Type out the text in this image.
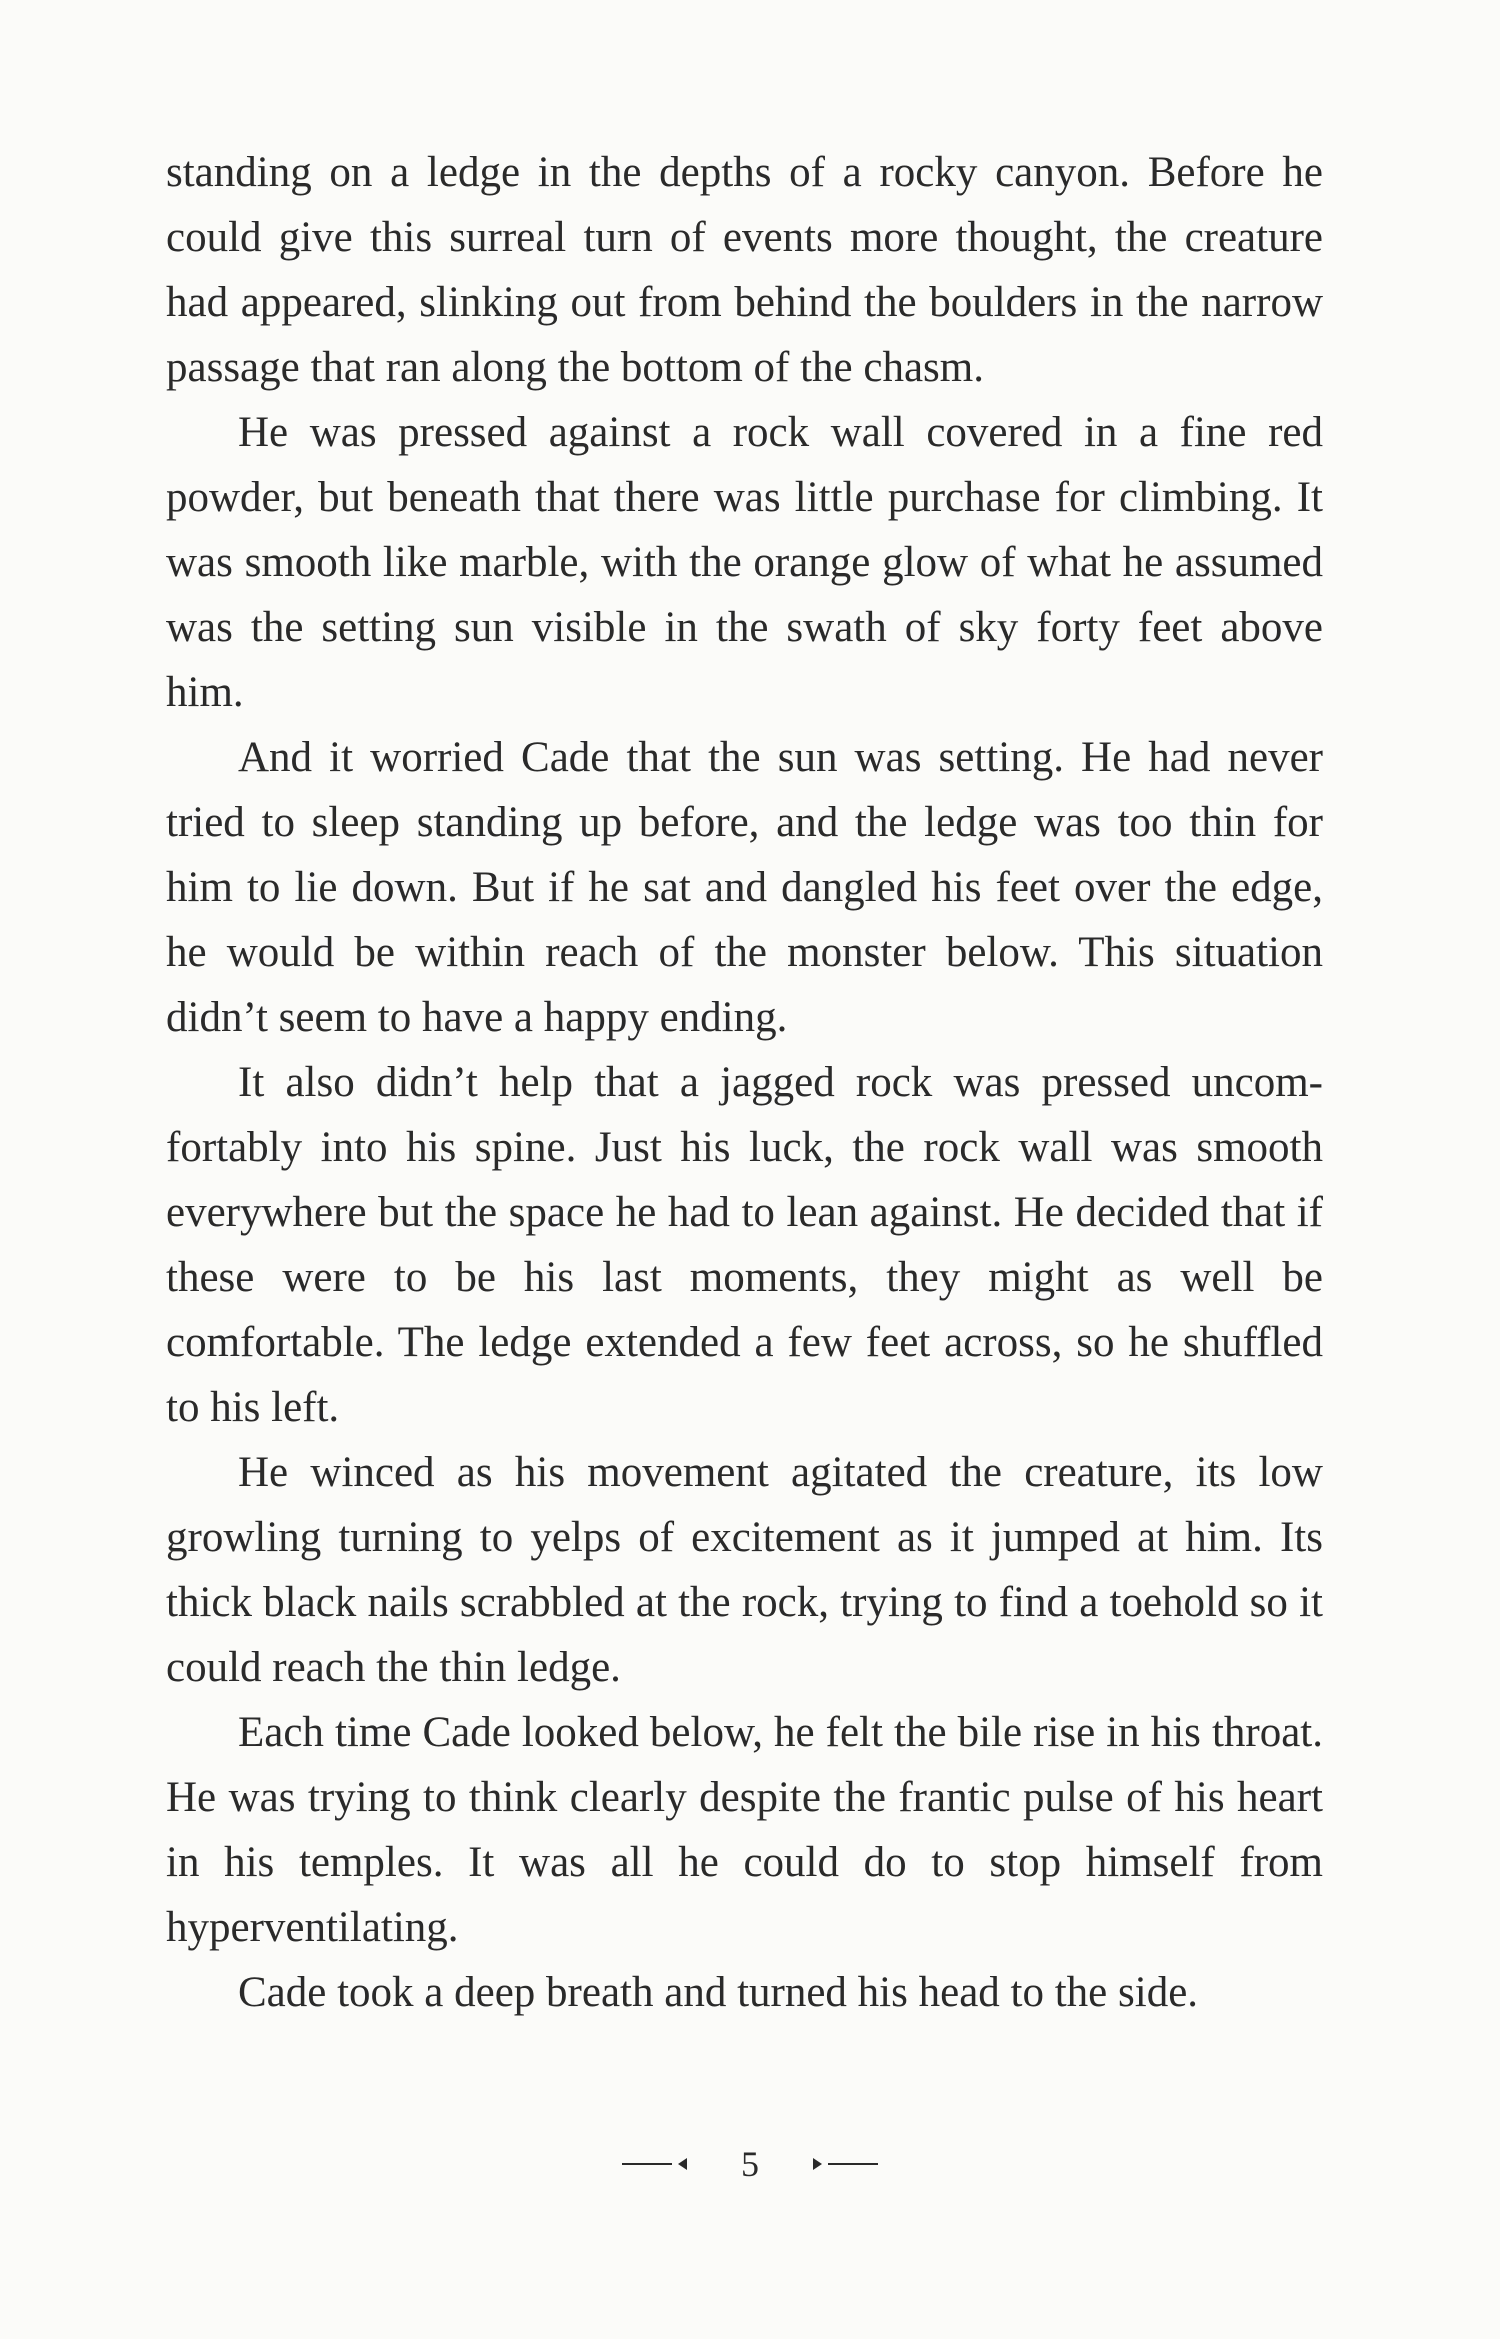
standing on a ledge in the depths of a rocky canyon. Before he could give this surreal turn of events more thought, the creature had appeared, slinking out from behind the boulders in the narrow passage that ran along the bottom of the chasm.

He was pressed against a rock wall covered in a fine red powder, but beneath that there was little purchase for climbing. It was smooth like marble, with the orange glow of what he assumed was the setting sun visible in the swath of sky forty feet above him.

And it worried Cade that the sun was setting. He had never tried to sleep standing up before, and the ledge was too thin for him to lie down. But if he sat and dangled his feet over the edge, he would be within reach of the monster below. This situation didn’t seem to have a happy ending.

It also didn’t help that a jagged rock was pressed uncomfortably into his spine. Just his luck, the rock wall was smooth everywhere but the space he had to lean against. He decided that if these were to be his last moments, they might as well be comfortable. The ledge extended a few feet across, so he shuffled to his left.

He winced as his movement agitated the creature, its low growling turning to yelps of excitement as it jumped at him. Its thick black nails scrabbled at the rock, trying to find a toehold so it could reach the thin ledge.

Each time Cade looked below, he felt the bile rise in his throat. He was trying to think clearly despite the frantic pulse of his heart in his temples. It was all he could do to stop himself from hyperventilating.

Cade took a deep breath and turned his head to the side.

5
